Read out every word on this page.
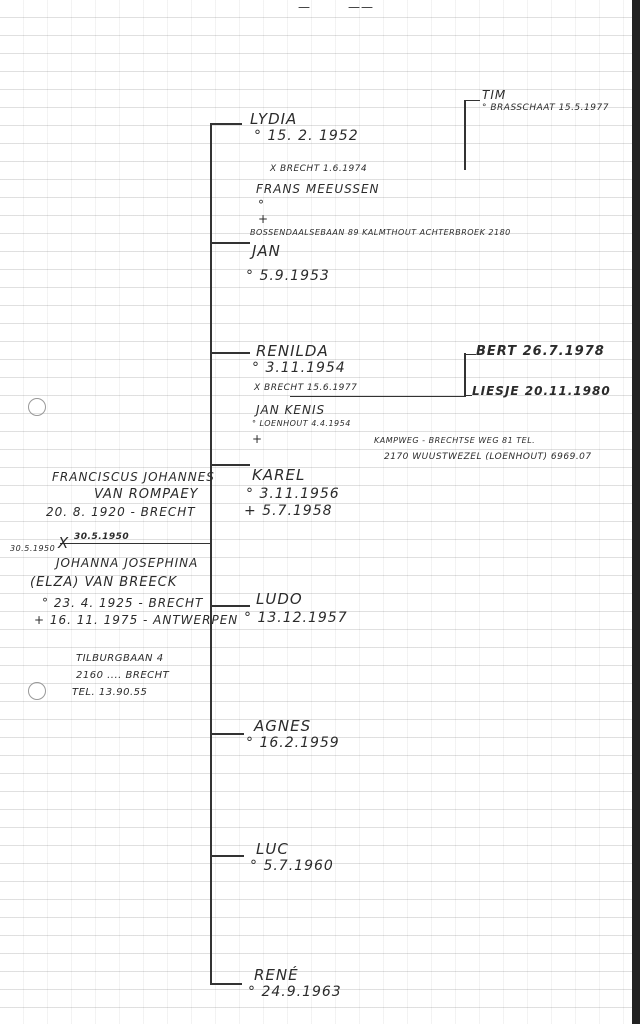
—	——
TIM
° BRASSCHAAT 15.5.1977
BERT 26.7.1978
LIESJE 20.11.1980
LYDIA
° 15. 2. 1952
X BRECHT 1.6.1974
FRANS MEEUSSEN
°
+
BOSSENDAALSEBAAN 89 KALMTHOUT ACHTERBROEK 2180
JAN
° 5.9.1953
RENILDA
° 3.11.1954
X BRECHT 15.6.1977
JAN KENIS
° LOENHOUT 4.4.1954
+	KAMPWEG - BRECHTSE WEG 81 TEL.
2170 WUUSTWEZEL (LOENHOUT) 6969.07
KAREL
° 3.11.1956
+ 5.7.1958
LUDO
° 13.12.1957
AGNES
° 16.2.1959
LUC
° 5.7.1960
RENÉ
° 24.9.1963
FRANCISCUS JOHANNES
VAN ROMPAEY
20. 8. 1920 - BRECHT
30.5.1950 X 30.5.1950
JOHANNA JOSEPHINA
(ELZA) VAN BREECK
° 23. 4. 1925 - BRECHT
+ 16. 11. 1975 - ANTWERPEN
TILBURGBAAN 4
2160 .... BRECHT
TEL. 13.90.55
